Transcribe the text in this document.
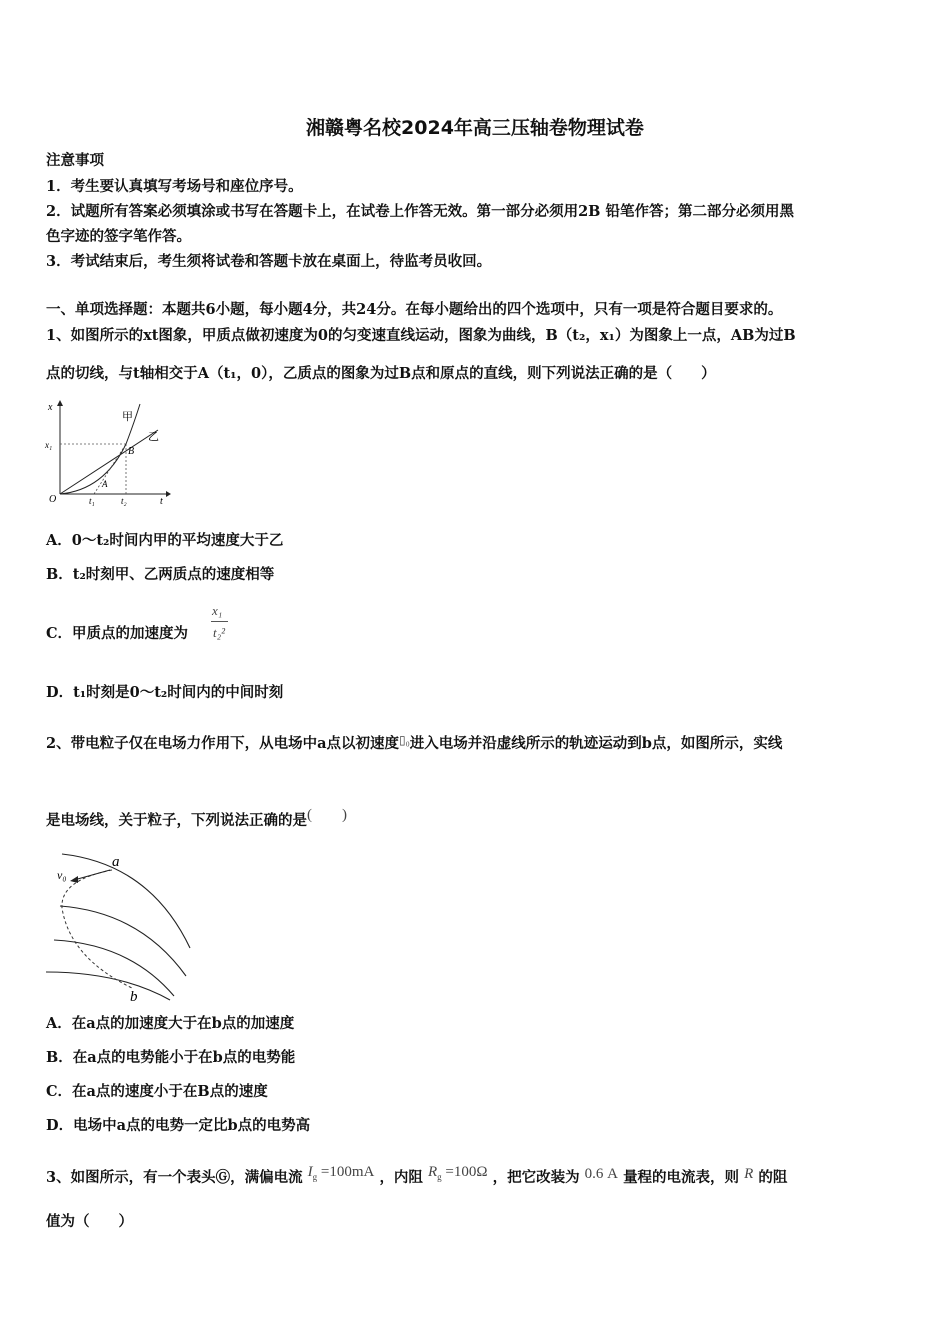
湘赣粤名校2024年高三压轴卷物理试卷
注意事项
1．考生要认真填写考场号和座位序号。
2．试题所有答案必须填涂或书写在答题卡上，在试卷上作答无效。第一部分必须用2B 铅笔作答；第二部分必须用黑
色字迹的签字笔作答。
3．考试结束后，考生须将试卷和答题卡放在桌面上，待监考员收回。
一、单项选择题：本题共6小题，每小题4分，共24分。在每小题给出的四个选项中，只有一项是符合题目要求的。
1、如图所示的xt图象，甲质点做初速度为0的匀变速直线运动，图象为曲线，B（t₂，x₁）为图象上一点，AB为过B
点的切线，与t轴相交于A（t₁，0），乙质点的图象为过B点和原点的直线，则下列说法正确的是（　　）
x
t
O
x₁
t₁	t₂
甲
乙
B
A
A．0～t₂时间内甲的平均速度大于乙
B．t₂时刻甲、乙两质点的速度相等
C．甲质点的加速度为
x₁
t₂²
D．t₁时刻是0～t₂时间内的中间时刻
2、带电粒子仅在电场力作用下，从电场中a点以初速度$^{▯_0}$进入电场并沿虚线所示的轨迹运动到b点，如图所示，实线
是电场线，关于粒子，下列说法正确的是(　　)
a
v₀
b
A．在a点的加速度大于在b点的加速度
B．在a点的电势能小于在b点的电势能
C．在a点的速度小于在B点的速度
D．电场中a点的电势一定比b点的电势高
3、如图所示，有一个表头Ⓖ，满偏电流 $I_g =100mA$ ，内阻 $R_g =100\Omega$ ，把它改装为 0.6 A 量程的电流表，则 R 的阻
值为（　　）
